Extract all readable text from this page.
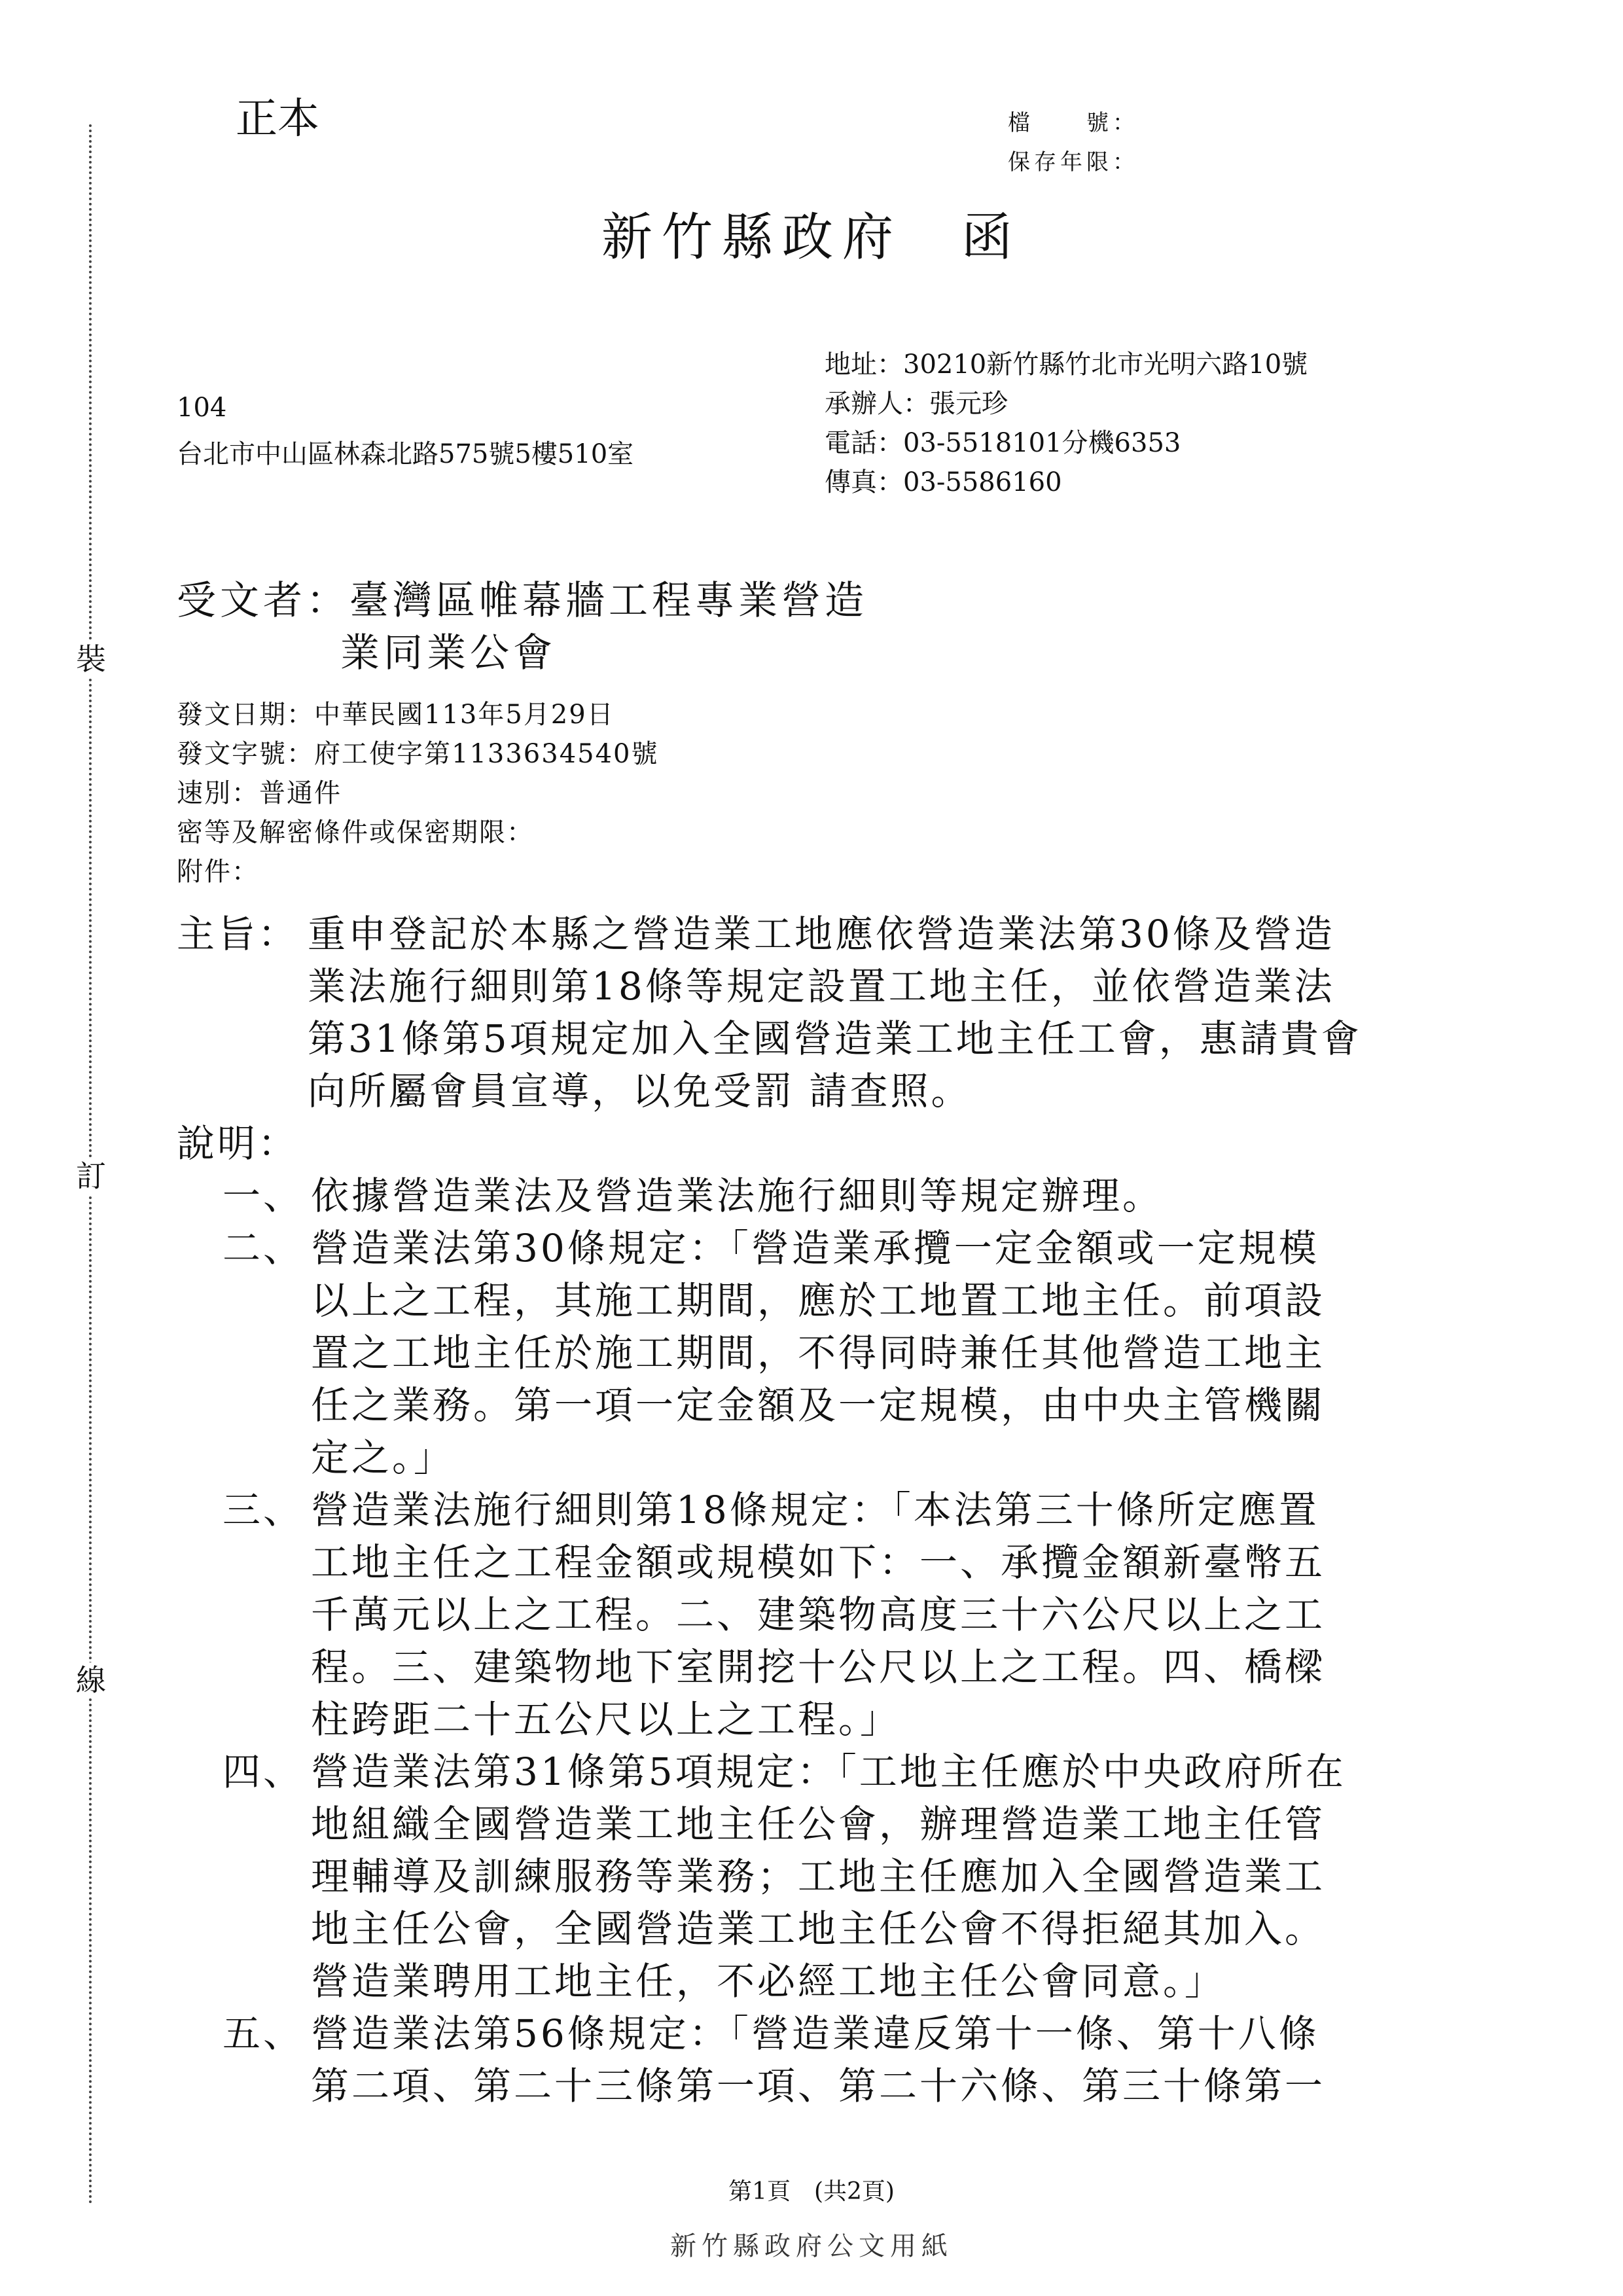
裝
訂
線
正本	檔　　號：
保存年限：
新竹縣政府 函
地址：30210新竹縣竹北市光明六路10號
承辦人：張元珍
電話：03-5518101分機6353
傳真：03-5586160
104
台北市中山區林森北路575號5樓510室
受文者：臺灣區帷幕牆工程專業營造
業同業公會
發文日期：中華民國113年5月29日
發文字號：府工使字第1133634540號
速別：普通件
密等及解密條件或保密期限：
附件：
主旨： 重申登記於本縣之營造業工地應依營造業法第30條及營造
業法施行細則第18條等規定設置工地主任，並依營造業法
第31條第5項規定加入全國營造業工地主任工會，惠請貴會
向所屬會員宣導，以免受罰 請查照。
說明：
一、 依據營造業法及營造業法施行細則等規定辦理。
二、 營造業法第30條規定：「營造業承攬一定金額或一定規模
以上之工程，其施工期間，應於工地置工地主任。前項設
置之工地主任於施工期間，不得同時兼任其他營造工地主
任之業務。第一項一定金額及一定規模，由中央主管機關
定之。」
三、 營造業法施行細則第18條規定：「本法第三十條所定應置
工地主任之工程金額或規模如下：一、承攬金額新臺幣五
千萬元以上之工程。二、建築物高度三十六公尺以上之工
程。三、建築物地下室開挖十公尺以上之工程。四、橋樑
柱跨距二十五公尺以上之工程。」
四、 營造業法第31條第5項規定：「工地主任應於中央政府所在
地組織全國營造業工地主任公會，辦理營造業工地主任管
理輔導及訓練服務等業務；工地主任應加入全國營造業工
地主任公會，全國營造業工地主任公會不得拒絕其加入。
營造業聘用工地主任，不必經工地主任公會同意。」
五、 營造業法第56條規定：「營造業違反第十一條、第十八條
第二項、第二十三條第一項、第二十六條、第三十條第一
第1頁　(共2頁)
新竹縣政府公文用紙
